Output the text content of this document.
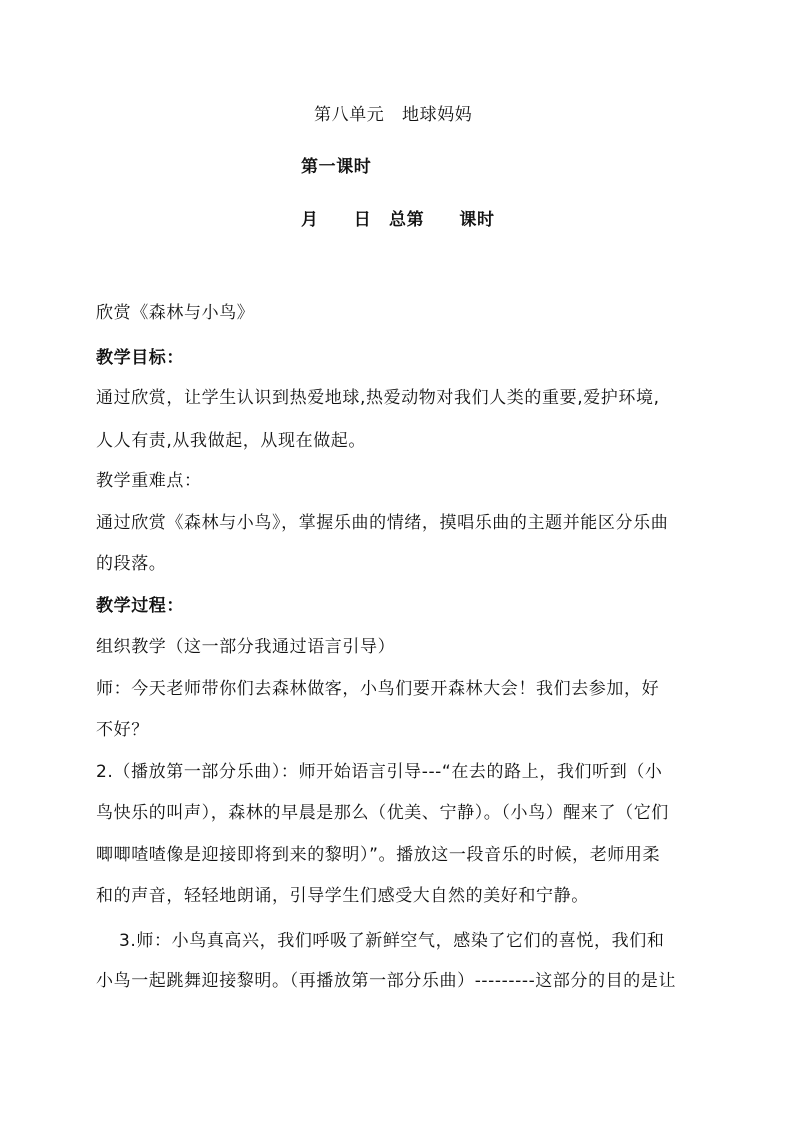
第八单元　地球妈妈
第一课时
月　　日　总第　　课时
欣赏《森林与小鸟》
教学目标：
通过欣赏，让学生认识到热爱地球,热爱动物对我们人类的重要,爱护环境,
人人有责,从我做起，从现在做起。
教学重难点：
通过欣赏《森林与小鸟》，掌握乐曲的情绪，摸唱乐曲的主题并能区分乐曲
的段落。
教学过程：
组织教学（这一部分我通过语言引导）
师：今天老师带你们去森林做客，小鸟们要开森林大会！我们去参加，好
不好？
2.（播放第一部分乐曲）：师开始语言引导---“在去的路上，我们听到（小
鸟快乐的叫声），森林的早晨是那么（优美、宁静）。（小鸟）醒来了（它们
唧唧喳喳像是迎接即将到来的黎明）”。播放这一段音乐的时候，老师用柔
和的声音，轻轻地朗诵，引导学生们感受大自然的美好和宁静。
3.师：小鸟真高兴，我们呼吸了新鲜空气，感染了它们的喜悦，我们和
小鸟一起跳舞迎接黎明。（再播放第一部分乐曲）---------这部分的目的是让
